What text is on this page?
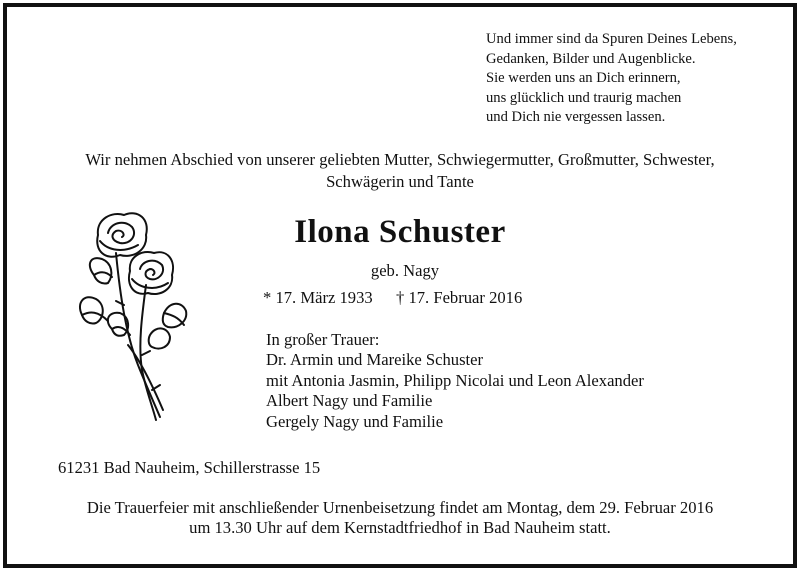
Und immer sind da Spuren Deines Lebens,
Gedanken, Bilder und Augenblicke.
Sie werden uns an Dich erinnern,
uns glücklich und traurig machen
und Dich nie vergessen lassen.
Wir nehmen Abschied von unserer geliebten Mutter, Schwiegermutter, Großmutter, Schwester,
Schwägerin und Tante
Ilona Schuster
geb. Nagy
* 17. März 1933 † 17. Februar 2016
In großer Trauer:
Dr. Armin und Mareike Schuster
mit Antonia Jasmin, Philipp Nicolai und Leon Alexander
Albert Nagy und Familie
Gergely Nagy und Familie
61231 Bad Nauheim, Schillerstrasse 15
Die Trauerfeier mit anschließender Urnenbeisetzung findet am Montag, dem 29. Februar 2016
um 13.30 Uhr auf dem Kernstadtfriedhof in Bad Nauheim statt.
